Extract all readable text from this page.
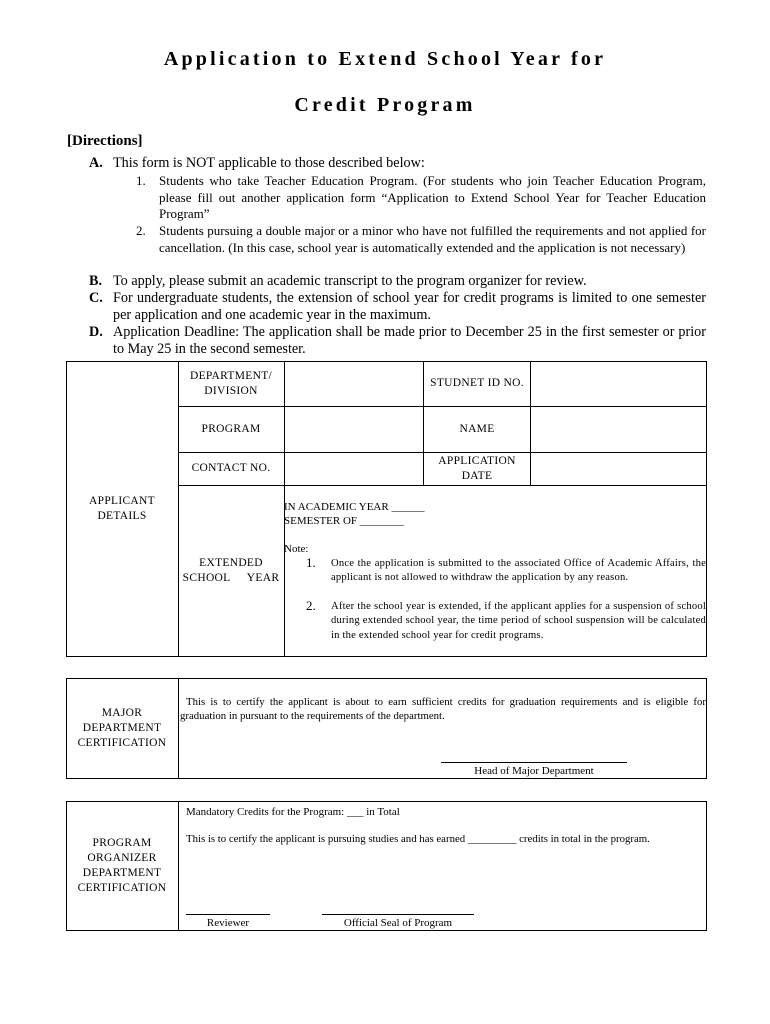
Application to Extend School Year for
Credit Program
[Directions]
A. This form is NOT applicable to those described below:
1. Students who take Teacher Education Program. (For students who join Teacher Education Program, please fill out another application form “Application to Extend School Year for Teacher Education Program”
2. Students pursuing a double major or a minor who have not fulfilled the requirements and not applied for cancellation. (In this case, school year is automatically extended and the application is not necessary)
B. To apply, please submit an academic transcript to the program organizer for review.
C. For undergraduate students, the extension of school year for credit programs is limited to one semester per application and one academic year in the maximum.
D. Application Deadline: The application shall be made prior to December 25 in the first semester or prior to May 25 in the second semester.
APPLICANT DETAILS
DEPARTMENT/ DIVISION
STUDNET ID NO.
PROGRAM	NAME
CONTACT NO.
APPLICATION DATE
EXTENDED SCHOOL YEAR
IN ACADEMIC YEAR ______
SEMESTER OF ________
Note:
1. Once the application is submitted to the associated Office of Academic Affairs, the applicant is not allowed to withdraw the application by any reason.
2. After the school year is extended, if the applicant applies for a suspension of school during extended school year, the time period of school suspension will be calculated in the extended school year for credit programs.
MAJOR DEPARTMENT CERTIFICATION
This is to certify the applicant is about to earn sufficient credits for graduation requirements and is eligible for graduation in pursuant to the requirements of the department.
Head of Major Department
PROGRAM ORGANIZER DEPARTMENT CERTIFICATION
Mandatory Credits for the Program: ___ in Total
This is to certify the applicant is pursuing studies and has earned _________ credits in total in the program.
Reviewer	Official Seal of Program
